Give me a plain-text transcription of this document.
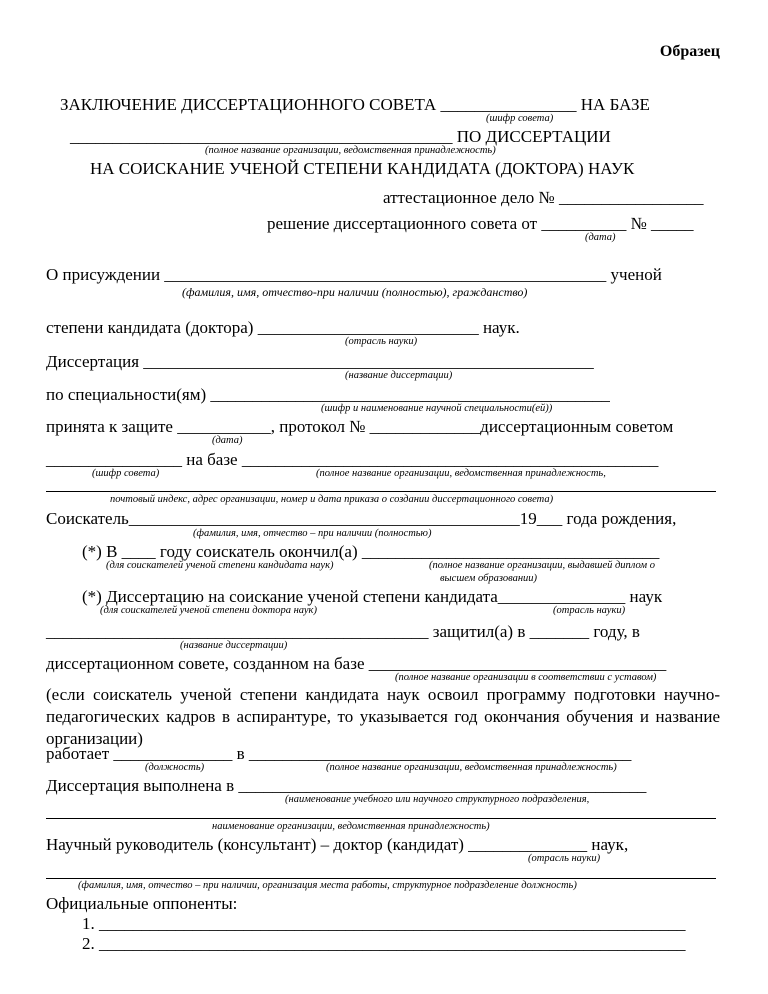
Образец
ЗАКЛЮЧЕНИЕ ДИССЕРТАЦИОННОГО СОВЕТА ________________ НА БАЗЕ
(шифр совета)
_____________________________________________ ПО ДИССЕРТАЦИИ
(полное название организации, ведомственная принадлежность)
НА СОИСКАНИЕ УЧЕНОЙ СТЕПЕНИ КАНДИДАТА (ДОКТОРА) НАУК
аттестационное дело № _________________
решение диссертационного совета от __________ № _____
(дата)
О присуждении ____________________________________________________ ученой
(фамилия, имя, отчество-при наличии (полностью), гражданство)
степени кандидата (доктора) __________________________ наук.
(отрасль науки)
Диссертация _____________________________________________________
(название диссертации)
по специальности(ям) _______________________________________________
(шифр и наименование научной специальности(ей))
принята к защите ___________, протокол № _____________диссертационным советом
(дата)
________________ на базе _________________________________________________
(шифр совета)	(полное название организации, ведомственная принадлежность,
почтовый индекс, адрес организации, номер и дата приказа о создании диссертационного совета)
Соискатель______________________________________________19___ года рождения,
(фамилия, имя, отчество – при наличии (полностью)
(*) В ____ году соискатель окончил(а) ___________________________________
(для соискателей ученой степени кандидата наук)	(полное название организации, выдавшей диплом о
высшем образовании)
(*) Диссертацию на соискание ученой степени кандидата_______________ наук
(для соискателей ученой степени доктора наук)	(отрасль науки)
_____________________________________________ защитил(а) в _______ году, в
(название диссертации)
диссертационном совете, созданном на базе ___________________________________
(полное название организации в соответствии с уставом)
(если соискатель ученой степени кандидата наук освоил программу подготовки научно-педагогических кадров в аспирантуре, то указывается год окончания обучения и название организации)
работает ______________ в _____________________________________________
(должность)	(полное название организации, ведомственная принадлежность)
Диссертация выполнена в ________________________________________________
(наименование учебного или научного структурного подразделения,
наименование организации, ведомственная принадлежность)
Научный руководитель (консультант) – доктор (кандидат) ______________ наук,
(отрасль науки)
(фамилия, имя, отчество – при наличии, организация места работы, структурное подразделение должность)
Официальные оппоненты:
1. _____________________________________________________________________
2. _____________________________________________________________________
